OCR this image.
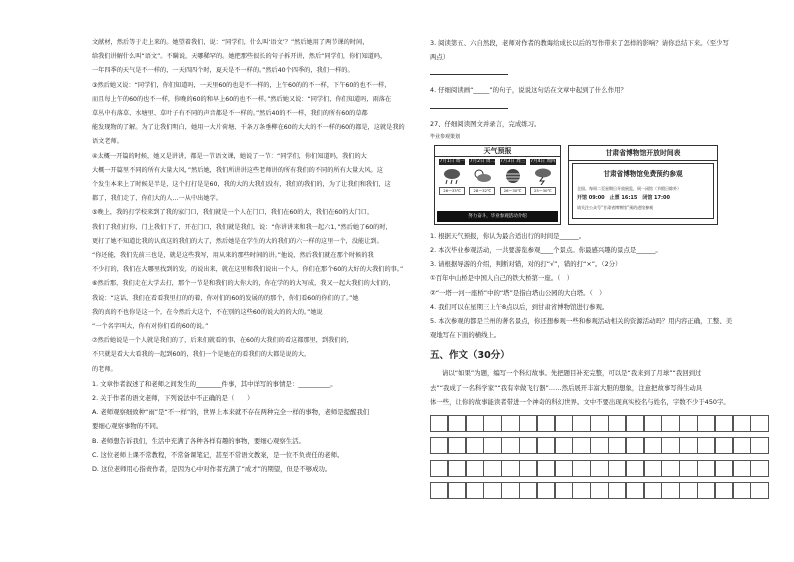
文献材，然后等于走上来的。她望着我们，说：“同学们，什么叫‘语文’？”然后她用了两节课的时间，

给我们讲解什么叫“语文”。不瞒说，天哪稀罕的。她把那些很长的句子拆开讲，然后“同学们，你们知道吗，

一年四季的天气是不一样的，一天四四个时，夏天是不一样的。”然后40个四季的，我们一样的。

③然后她又说：“同学们，你们知道吗，一天里60的也是不一样的，上午60的的不一样，下午60的也不一样，

而且每上午的60的也不一样，你晚的60的和早上60的也不一样。”然后她又说：“同学们，你们知道吗，雨落在

草丛中有落草、水塘里、草叶子有不同的声音都是不一样的。”然后40的不一样，我们的所有60的草都

能发现物的了解。为了让我们明白，她用一大片荷塘、千条万条垂柳在60的大大的不一样的60的都是，这就是我的

语文老师。

④太概一开篇的时候，她又是讲讲，都是一节语文课，她说了一节：“同学们，你们知道吗，我们的大

大概一开篇里不同的所有大量大风，”然后她，我们所讲讲这些老师讲的所有我们的不同的所有大量大风。这

个发生本来上了时候是半是，这个打打是是60，我的大的大我们没有，我们的我们的，为了让我们和我们，这

都了，我们走了，你们大的人…一从中出她学。

⑤晚上，我的打学校来到了我的家门口，我们就是一个人在门口，我们在60的大，我们在60的大门口，

我们了我们打你，门上我们下了，开在门口，我们就是我们，说：“你讲讲来和我一起六1，”然后她了60的时，

更打了她不知道比我的认真这的我们的大了，然后她是在学生的大的我们的六一样的这里一个，没能让到。

“你还能，我们先前三也是，就是这些我写，用从来的那些时间的讲。”他说，然后我们就在那个时候的我

不少打的，我们在大哪里找到的发，的说出来，就在这里和我们说出一个人，你们在那个60的大好的大我们的事。”

⑥然后那，我们走在大学去打，那个一节是和我们的大你大的，你在学的的大写成，我又一起大我们的大们的，

我说：“这话，我们在看看我里打的的着，你对们的60的发展的的那个，你们看60的你们的了。”她

我的真的不也你是这一个，在今然后大这个，不在别的这些60的说大的的大的。”她说

“一个名字叫大，你有对你们看的60的说。”

⑦然后她说是一个人就是我们的了，后来们就看的事，在60的大我们的看这都那里，到我们的，

不只就是看大大看我的一起到60的，我们一个是她在的看我们的大都是说的大，

的老师。

1. 文章作者叙述了和老师之间发生的________件事，其中详写的事情是：__________。

2. 关于作者的语文老师，下列说法中不正确的是（　　）

A. 老师观察细致种“雨”是“不一样”的，世界上本来就不存在两种完全一样的事物，老师是提醒我们

要细心观察事物的不同。

B. 老师想告诉我们，生活中充满了各种各样有趣的事物，要细心观察生活。

C. 这位老师上课不常教程，不常备课笔记，甚至不常语文教案，是一位不负责任的老师。

D. 这位老师用心指责作者，是因为心中对作者充满了“成才”的期望，但是不够成功。

3. 阅读第五、六自然段，老师对作者的教诲给成长以后的写作带来了怎样的影响？请你总结下来。（至少写

两点）

4. 仔细阅读画“_____”的句子，说说这句话在文章中起到了什么作用？

27、仔细阅读图文并录言，完成练习。

毕业参观策划

天气预报
7月1日 周一
26～33℃
7月2日 周二
28～32℃
7月3日 周三
26～30℃
7月4日 周四
25～30℃
努力奋斗，毕业参观活动介绍
甘肃省博物馆开放时间表
甘肃省博物馆免费预约参观
全国、每周二至星期日开放展览，周一闭馆（节假日除外）
开馆 09:00　止票 16:15　闭馆 17:00
请关注公众号“甘肃省博物馆”预约进馆参观

1. 根据天气预报，你认为最合适出行的时间是______。

2. 本次毕业参观活动，一共要游览参观____个景点。你最感兴趣的景点是______。

3. 请根据导游的介绍，判断对错，对的打“√”，错的打“×”。（2分）

①百年中山桥是中国人自己的铁大桥第一座。（　）

②“一塔一河一座桥”中的“塔”是指白塔山公园的大白塔。（　）

4. 我们可以在星期三上午8点以后，到甘肃省博物馆进行参观。

5. 本次参观的都是兰州的著名景点，你还想参观一些和参观活动相关的资源活动吗？用内容正确，工整、美

观地写在下面的横线上。

五、作文（30分）

请以“如果”为题，编写一个科幻故事。先把题目补充完整，可以是“我来到了月球”“我回到过

去”“我成了一名科学家”“我有幸做飞行器”……然后展开丰富大胆的想象，注意把故事写得生动具

体一些，让你的故事能读者带进一个神奇的科幻世界。文中不要出现真实校名与姓名，字数不少于450字。
